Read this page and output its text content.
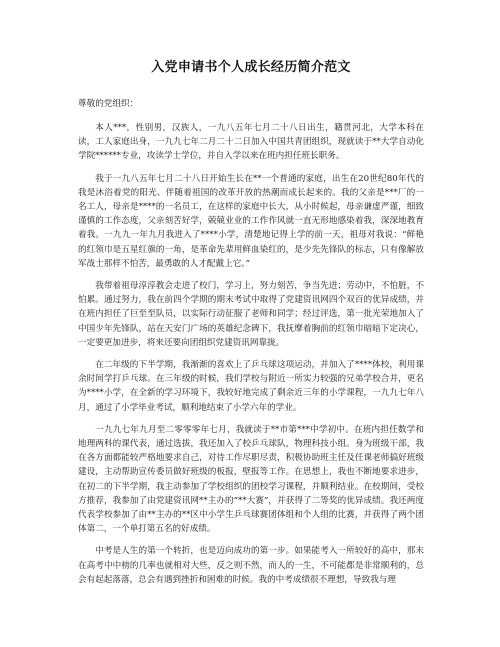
入党申请书个人成长经历简介范文

尊敬的党组织：

本人***，性别男，汉族人，一九八五年七月二十八日出生，籍贯河北，大学本科在读，工人家庭出身，一九九七年二月二十二日加入中国共青团组织，现就读于**大学自动化学院******专业，攻读学士学位，并自入学以来在班内担任班长职务。

我于一九八五年七月二十八日开始生长在**一个普通的家庭，出生在20世纪80年代的我是沐浴着党的阳光、伴随着祖国的改革开放的热潮而成长起来的。我的父亲是***厂的一名工人，母亲是****的一名员工，在这样的家庭中长大，从小时候起，母亲谦虚严谨，细致谨慎的工作态度，父亲刻苦好学，兢兢业业的工作作风就一直无形地感染着我，深深地教育着我。一九九一年九月我进入了****小学，清楚地记得上学的前一天，祖母对我说：“鲜艳的红领巾是五星红旗的一角，是革命先辈用鲜血染红的，是少先先锋队的标志，只有像解放军战士那样不怕苦，最勇敢的人才配戴上它。”

我带着祖母淳淳教会走进了校门，学习上，努力刻苦，争当先进；劳动中，不怕脏，不怕累。通过努力，我在前四个学期的期末考试中取得了党建资讯网四个双百的优异成绩，并在班内担任了巨至至队员，以实际行动征服了老师和同学；经过评选，第一批光荣地加入了中国少年先锋队，站在天安门广场的英雄纪念碑下，我抚摩着胸前的红领巾暗暗下定决心，一定要更加进步，将来还要向团组织党建资讯网靠拢。

在二年级的下半学期，我渐渐的喜欢上了乒乓球这项运动，并加入了****体校，利用课余时间学打乒乓球。在三年级的时候，我们学校与附近一所实力较强的兄弟学校合并，更名为****小学，在全新的学习环境下，我较好地完成了剩余近三年的小学课程，一九九七年八月，通过了小学毕业考试，顺利地结束了小学六年的学业。

一九九七年九月至二零零零年七月，我就读于**市第***中学初中。在班内担任数学和地理两科的课代表，通过选拔，我还加入了校乒乓球队，物理科技小组。身为班级干部，我在各方面都能较严格地要求自己，对待工作尽职尽责，积极协助班主任及任课老师搞好班级建设，主动帮助宣传委员做好班级的板报，壁报等工作。在思想上，我也不断地要求进步，在初二的下半学期，我主动参加了学校组织的团校学习课程，并顺利结业。在校期间，受校方推荐，我参加了由党建资讯网**主办的“**大赛”，并获得了二等奖的优异成绩。我还两度代表学校参加了由**主办的**区中小学生乒乓球赛团体组和个人组的比赛，并获得了两个团体第二，一个单打第五名的好成绩。

中考是人生的第一个转折，也是迈向成功的第一步。如果能考入一所较好的高中，那末在高考中中榜的几率也就相对大些，反之则不然，而人的一生，不可能都是非常顺利的，总会有起起落落，总会有遇到挫折和困难的时候。我的中考成绩很不理想，导致我与理
